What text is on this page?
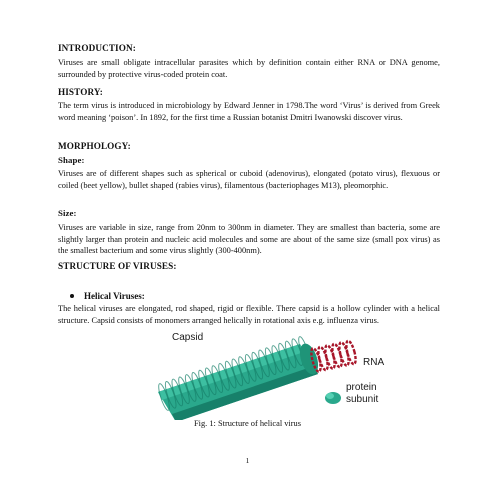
INTRODUCTION:
Viruses are small obligate intracellular parasites which by definition contain either RNA or DNA genome, surrounded by protective virus-coded protein coat.
HISTORY:
The term virus is introduced in microbiology by Edward Jenner in 1798.The word ‘Virus’ is derived from Greek word meaning ‘poison’. In 1892, for the first time a Russian botanist Dmitri Iwanowski discover virus.
MORPHOLOGY:
Shape:
Viruses are of different shapes such as spherical or cuboid (adenovirus), elongated (potato virus), flexuous or coiled (beet yellow), bullet shaped (rabies virus), filamentous (bacteriophages M13), pleomorphic.
Size:
Viruses are variable in size, range from 20nm to 300nm in diameter. They are smallest than bacteria, some are slightly larger than protein and nucleic acid molecules and some are about of the same size (small pox virus) as the smallest bacterium and some virus slightly (300-400nm).
STRUCTURE OF VIRUSES:
Helical Viruses:
The helical viruses are elongated, rod shaped, rigid or flexible. There capsid is a hollow cylinder with a helical structure. Capsid consists of monomers arranged helically in rotational axis e.g. influenza virus.
Capsid
RNA
protein
subunit
Fig. 1: Structure of helical virus
1
